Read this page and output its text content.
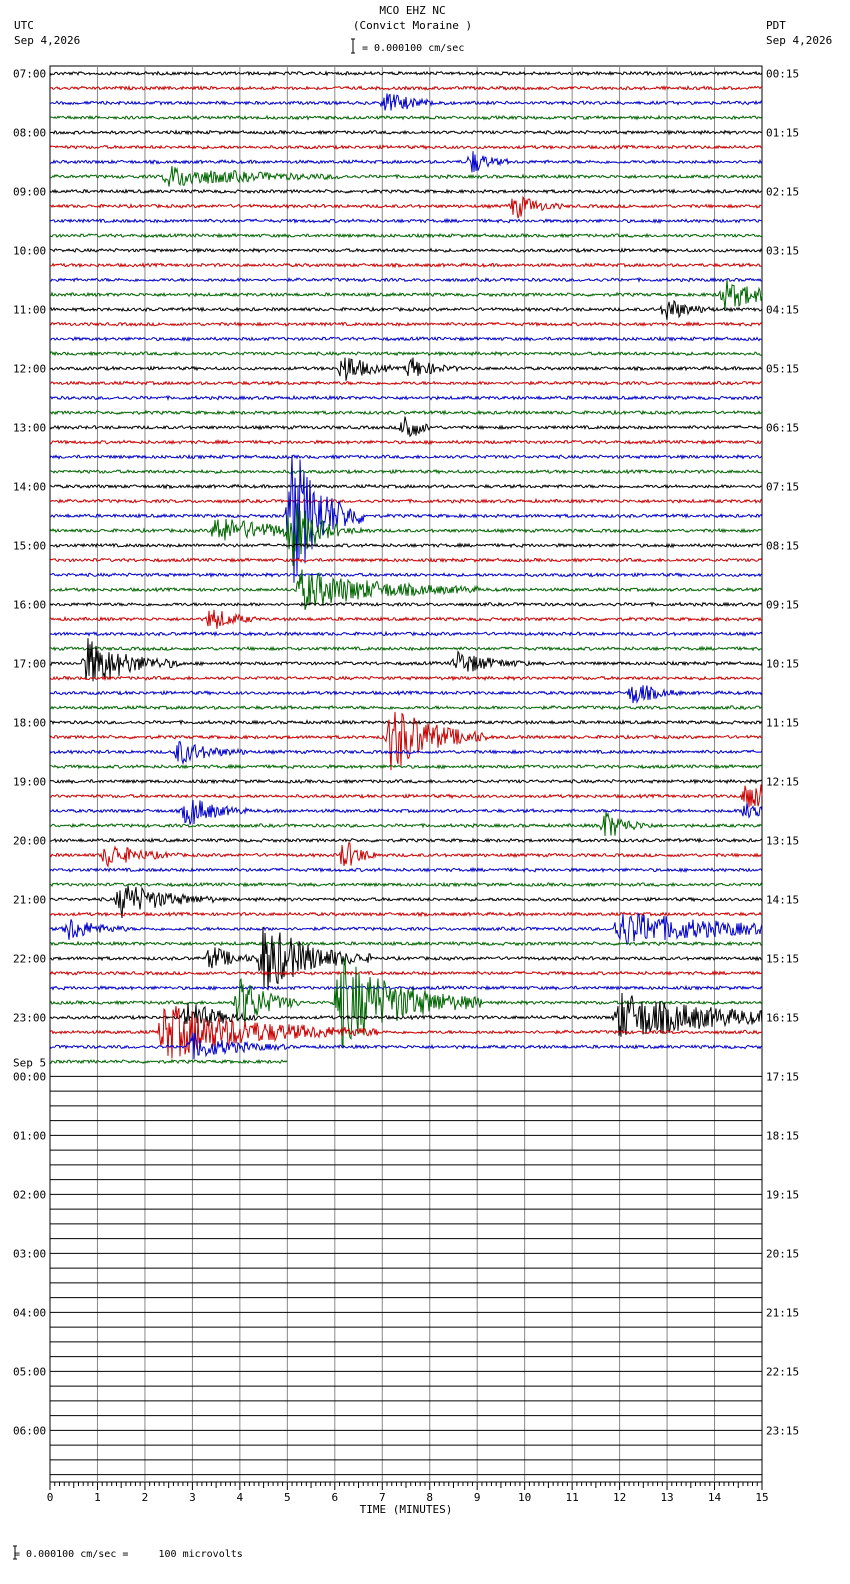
UTC
Sep 4,2026
PDT
Sep 4,2026
MCO EHZ NC
(Convict Moraine )
= 0.000100 cm/sec
= 0.000100 cm/sec =     100 microvolts
0	1	2	3	4	5	6	7	8	9	10	11	12	13	14	15
TIME (MINUTES)
07:00
08:00
09:00
10:00
11:00
12:00
13:00
14:00
15:00
16:00
17:00
18:00
19:00
20:00
21:00
22:00
23:00
00:00
01:00
02:00
03:00
04:00
05:00
06:00
00:15
01:15
02:15
03:15
04:15
05:15
06:15
07:15
08:15
09:15
10:15
11:15
12:15
13:15
14:15
15:15
16:15
17:15
18:15
19:15
20:15
21:15
22:15
23:15
Sep 5
